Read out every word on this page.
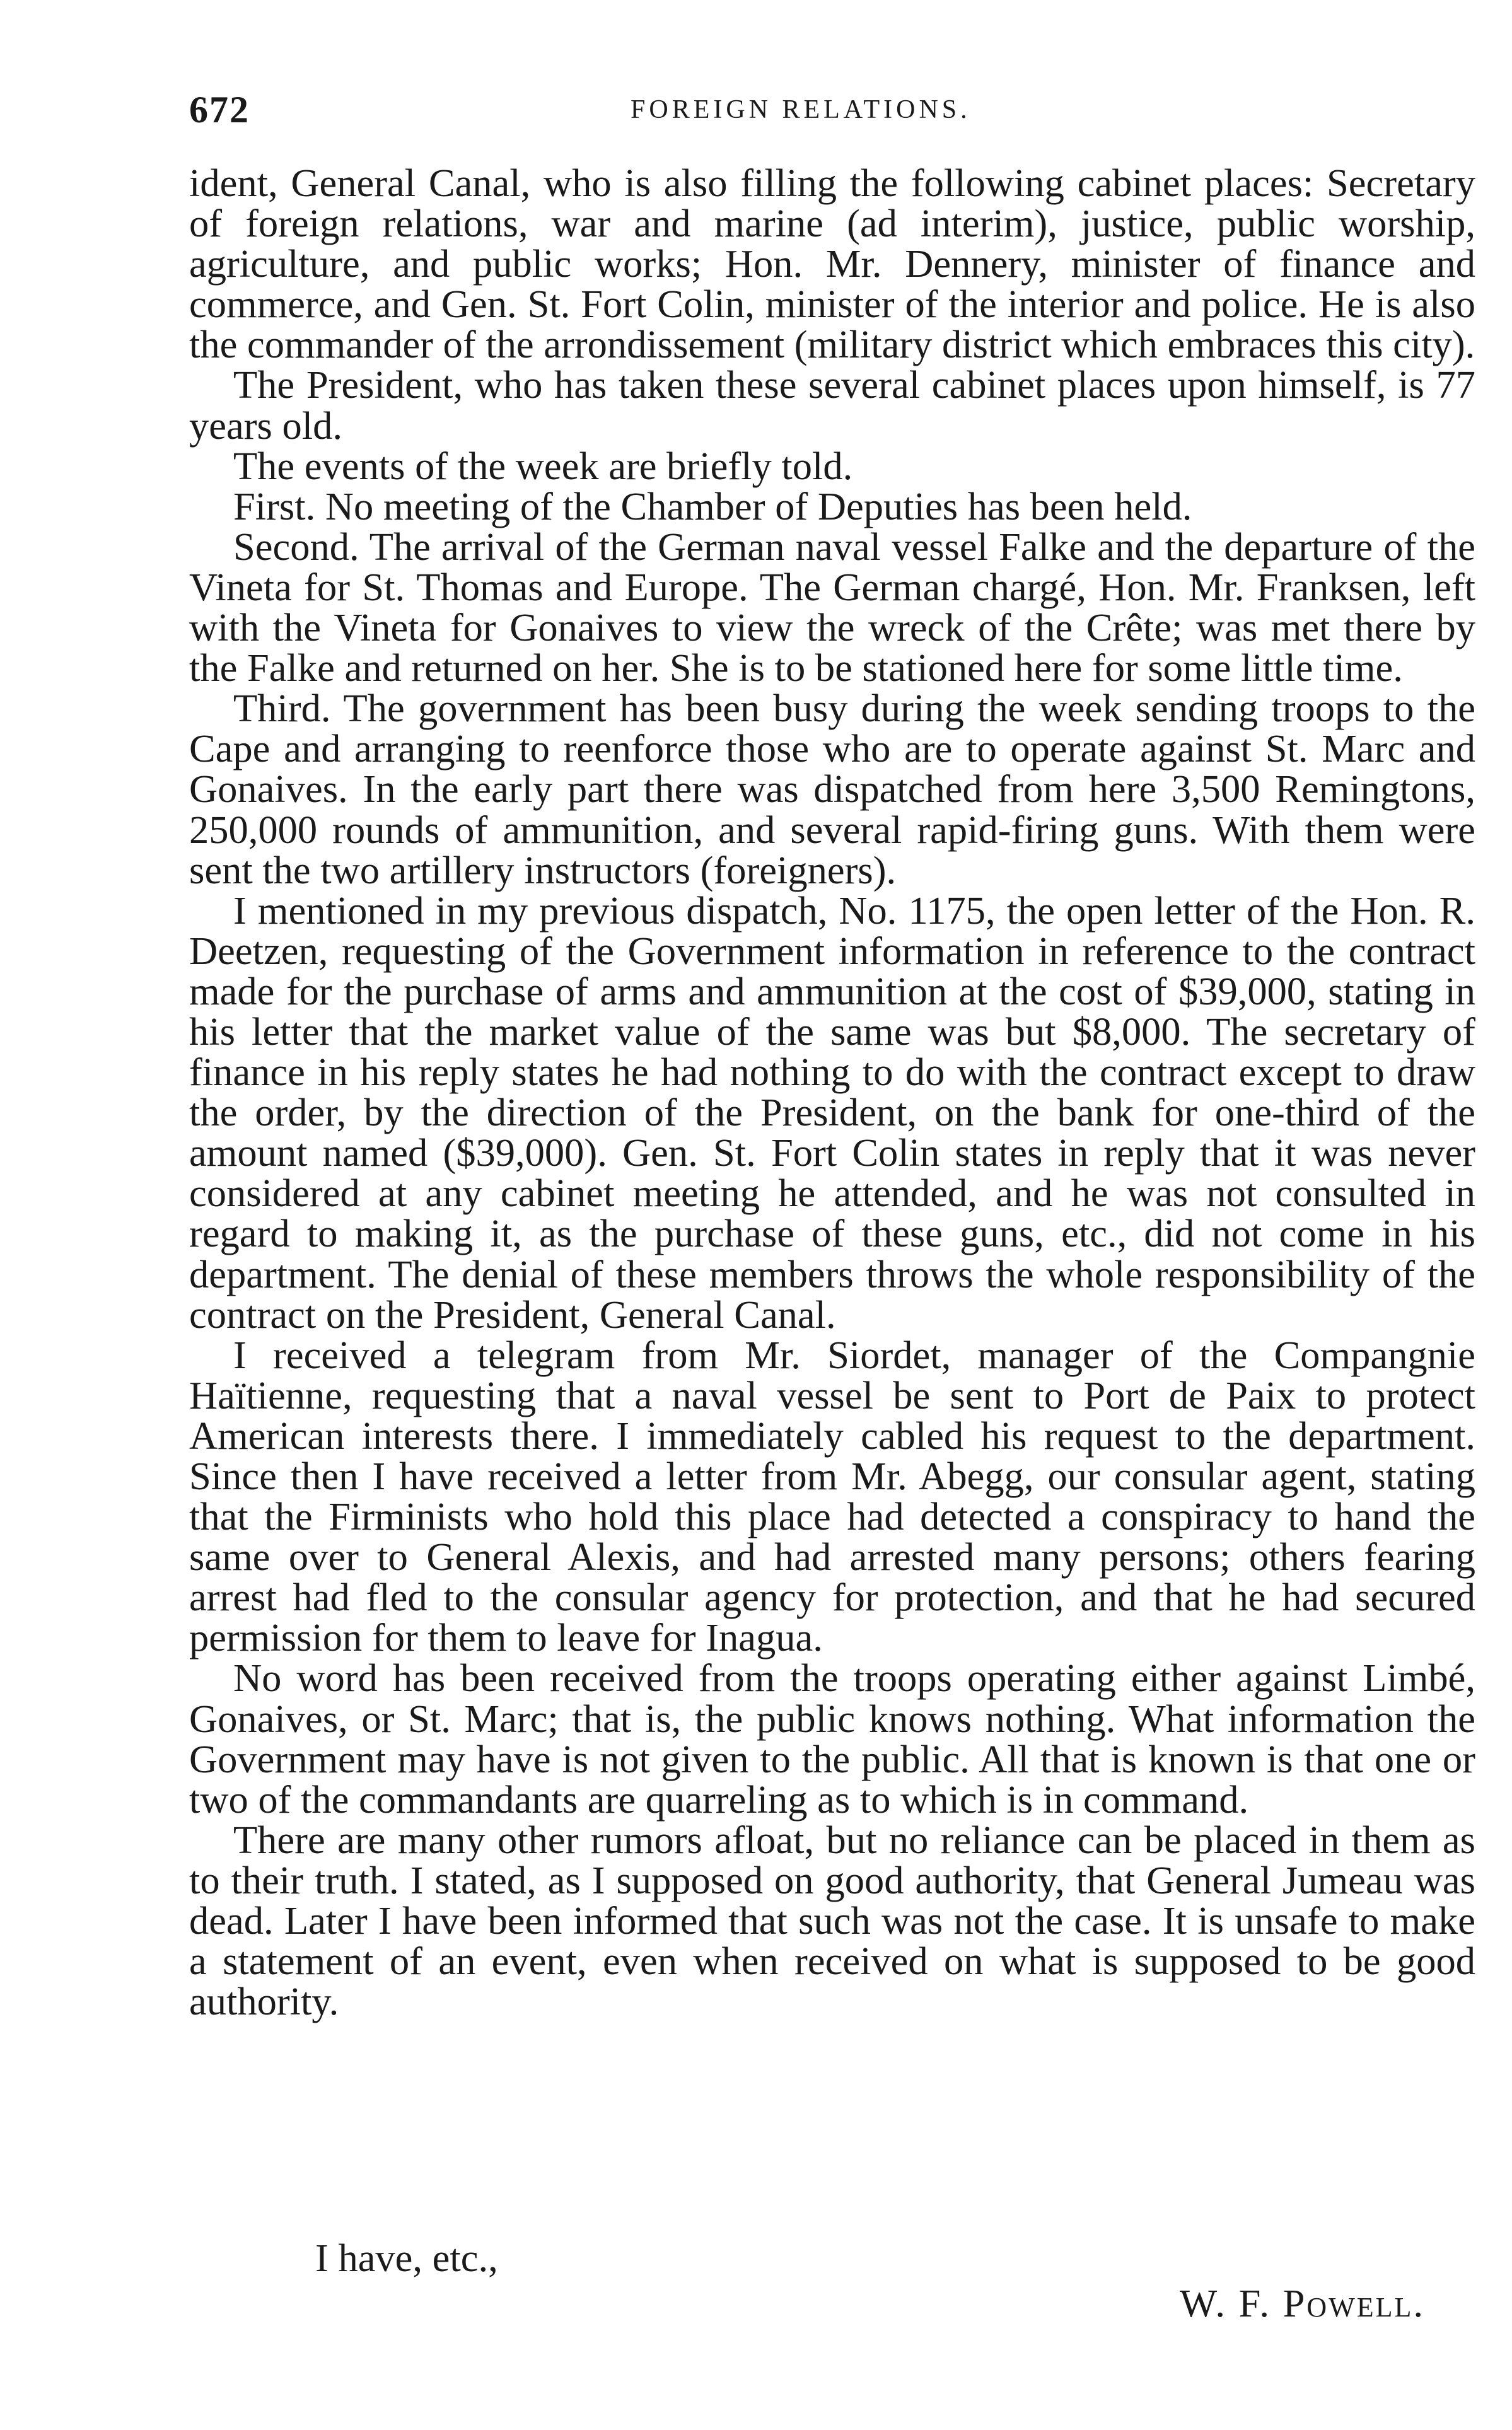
672	FOREIGN RELATIONS.

ident, General Canal, who is also filling the following cabinet places: Secretary of foreign relations, war and marine (ad interim), justice, public worship, agriculture, and public works; Hon. Mr. Dennery, minister of finance and commerce, and Gen. St. Fort Colin, minister of the interior and police. He is also the commander of the arrondissement (military district which embraces this city).

The President, who has taken these several cabinet places upon himself, is 77 years old.

The events of the week are briefly told.

First. No meeting of the Chamber of Deputies has been held.

Second. The arrival of the German naval vessel Falke and the departure of the Vineta for St. Thomas and Europe. The German chargé, Hon. Mr. Franksen, left with the Vineta for Gonaives to view the wreck of the Crête; was met there by the Falke and returned on her. She is to be stationed here for some little time.

Third. The government has been busy during the week sending troops to the Cape and arranging to reenforce those who are to operate against St. Marc and Gonaives. In the early part there was dispatched from here 3,500 Remingtons, 250,000 rounds of ammunition, and several rapid-firing guns. With them were sent the two artillery instructors (foreigners).

I mentioned in my previous dispatch, No. 1175, the open letter of the Hon. R. Deetzen, requesting of the Government information in reference to the contract made for the purchase of arms and ammunition at the cost of $39,000, stating in his letter that the market value of the same was but $8,000. The secretary of finance in his reply states he had nothing to do with the contract except to draw the order, by the direction of the President, on the bank for one-third of the amount named ($39,000). Gen. St. Fort Colin states in reply that it was never considered at any cabinet meeting he attended, and he was not consulted in regard to making it, as the purchase of these guns, etc., did not come in his department. The denial of these members throws the whole responsibility of the contract on the President, General Canal.

I received a telegram from Mr. Siordet, manager of the Compangnie Haïtienne, requesting that a naval vessel be sent to Port de Paix to protect American interests there. I immediately cabled his request to the department. Since then I have received a letter from Mr. Abegg, our consular agent, stating that the Firminists who hold this place had detected a conspiracy to hand the same over to General Alexis, and had arrested many persons; others fearing arrest had fled to the consular agency for protection, and that he had secured permission for them to leave for Inagua.

No word has been received from the troops operating either against Limbé, Gonaives, or St. Marc; that is, the public knows nothing. What information the Government may have is not given to the public. All that is known is that one or two of the commandants are quarreling as to which is in command.

There are many other rumors afloat, but no reliance can be placed in them as to their truth. I stated, as I supposed on good authority, that General Jumeau was dead. Later I have been informed that such was not the case. It is unsafe to make a statement of an event, even when received on what is supposed to be good authority.

I have, etc.,
W. F. Powell.
